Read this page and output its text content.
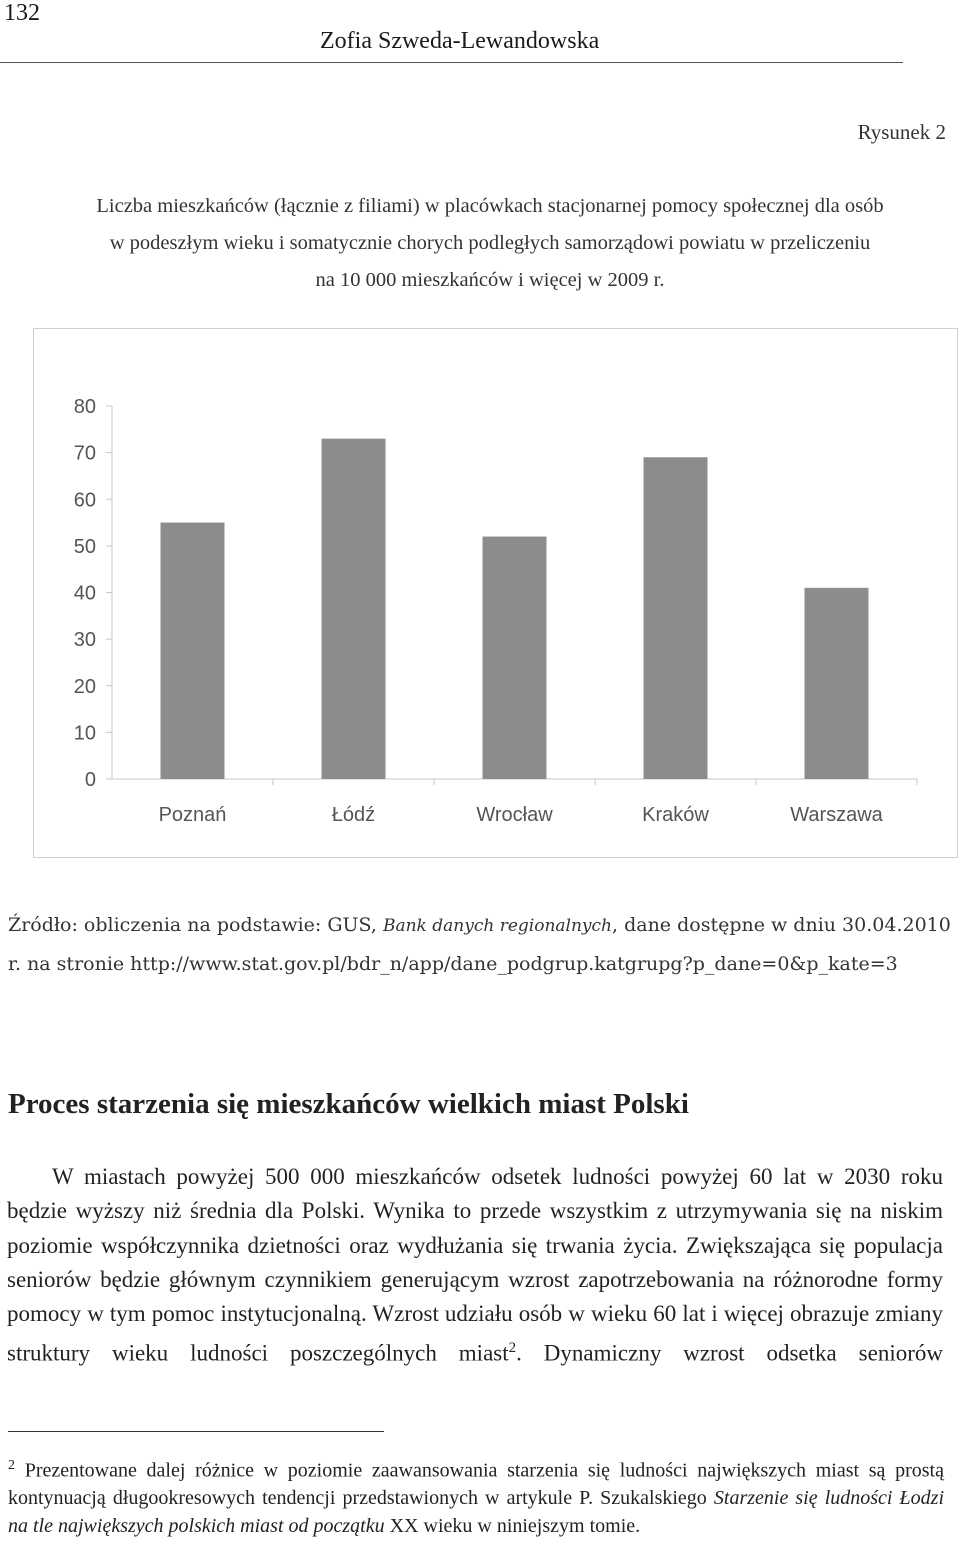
132
Zofia Szweda-Lewandowska
Rysunek 2
Liczba mieszkańców (łącznie z filiami) w placówkach stacjonarnej pomocy społecznej dla osób
w podeszłym wieku i somatycznie chorych podległych samorządowi powiatu w przeliczeniu
na 10 000 mieszkańców i więcej w 2009 r.
0
10
20
30
40
50
60
70
80
Poznań	Łódź	Wrocław	Kraków	Warszawa
Źródło: obliczenia na podstawie: GUS, Bank danych regionalnych, dane dostępne w dniu 30.04.2010 r. na stronie http://www.stat.gov.pl/bdr_n/app/dane_podgrup.katgrupg?p_dane=0&p_kate=3
Proces starzenia się mieszkańców wielkich miast Polski

W miastach powyżej 500 000 mieszkańców odsetek ludności powyżej 60 lat w 2030 roku będzie wyższy niż średnia dla Polski. Wynika to przede wszystkim z utrzymywania się na niskim poziomie współczynnika dzietności oraz wydłużania się trwania życia. Zwiększająca się populacja seniorów będzie głównym czynnikiem generującym wzrost zapotrzebowania na różnorodne formy pomocy w tym pomoc instytucjonalną. Wzrost udziału osób w wieku 60 lat i więcej obrazuje zmiany struktury wieku ludności poszczególnych miast$^2$. Dynamiczny wzrost odsetka seniorów

$^2$ Prezentowane dalej różnice w poziomie zaawansowania starzenia się ludności największych miast są prostą kontynuacją długookresowych tendencji przedstawionych w artykule P. Szukalskiego Starzenie się ludności Łodzi na tle największych polskich miast od początku XX wieku w niniejszym tomie.
